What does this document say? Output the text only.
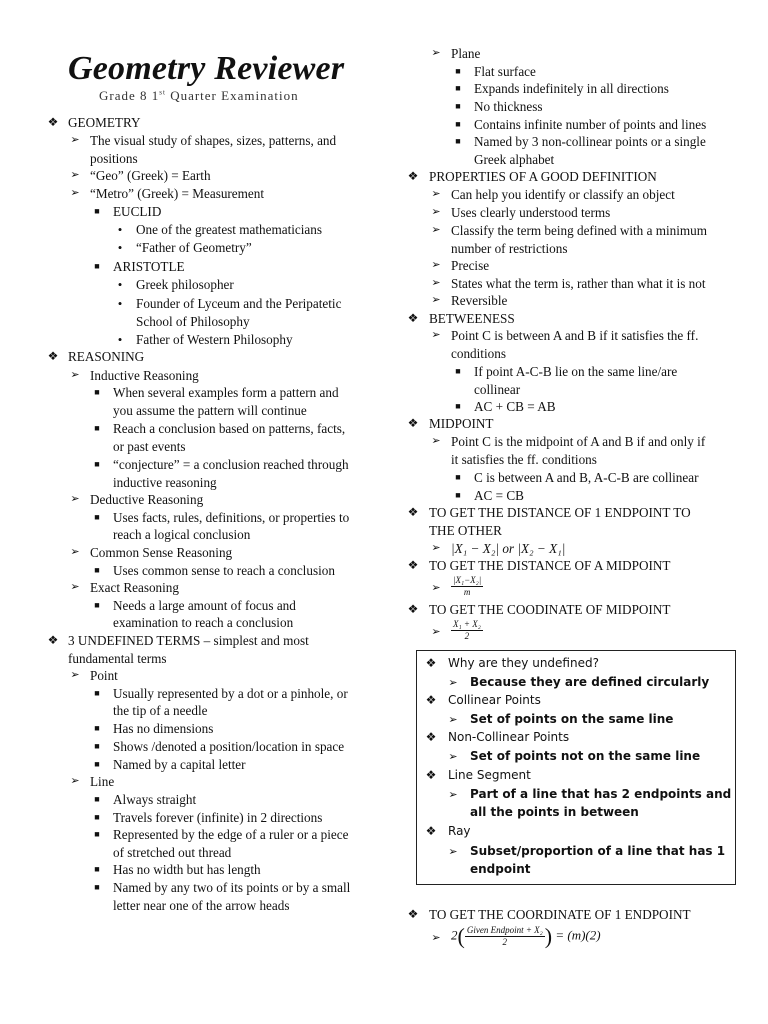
Geometry Reviewer
Grade 8 1st Quarter Examination
❖ GEOMETRY
➢ The visual study of shapes, sizes, patterns, and
positions
➢ “Geo” (Greek) = Earth
➢ “Metro” (Greek) = Measurement
■	EUCLID
•	One of the greatest mathematicians
•	“Father of Geometry”
■	ARISTOTLE
•	Greek philosopher
•	Founder of Lyceum and the Peripatetic
School of Philosophy
•	Father of Western Philosophy
❖ REASONING
➢ Inductive Reasoning
■	When several examples form a pattern and
you assume the pattern will continue
■	Reach a conclusion based on patterns, facts,
or past events
■	“conjecture” = a conclusion reached through
inductive reasoning
➢ Deductive Reasoning
■	Uses facts, rules, definitions, or properties to
reach a logical conclusion
➢ Common Sense Reasoning
■	Uses common sense to reach a conclusion
➢ Exact Reasoning
■	Needs a large amount of focus and
examination to reach a conclusion
❖ 3 UNDEFINED TERMS – simplest and most
fundamental terms
➢ Point
■	Usually represented by a dot or a pinhole, or
the tip of a needle
■	Has no dimensions
■	Shows /denoted a position/location in space
■	Named by a capital letter
➢ Line
■	Always straight
■	Travels forever (infinite) in 2 directions
■	Represented by the edge of a ruler or a piece
of stretched out thread
■	Has no width but has length
■	Named by any two of its points or by a small
letter near one of the arrow heads
➢ Plane
■	Flat surface
■	Expands indefinitely in all directions
■	No thickness
■	Contains infinite number of points and lines
■	Named by 3 non-collinear points or a single
Greek alphabet
❖ PROPERTIES OF A GOOD DEFINITION
➢ Can help you identify or classify an object
➢ Uses clearly understood terms
➢ Classify the term being defined with a minimum
number of restrictions
➢ Precise
➢ States what the term is, rather than what it is not
➢ Reversible
❖ BETWEENESS
➢ Point C is between A and B if it satisfies the ff.
conditions
■	If point A-C-B lie on the same line/are
collinear
■	AC + CB = AB
❖ MIDPOINT
➢ Point C is the midpoint of A and B if and only if
it satisfies the ff. conditions
■	C is between A and B, A-C-B are collinear
■	AC = CB
❖ TO GET THE DISTANCE OF 1 ENDPOINT TO
THE OTHER
➢ |X₁ − X₂| or |X₂ − X₁|
❖ TO GET THE DISTANCE OF A MIDPOINT
➢ $\frac{\text{|X₁−X₂|}}{m}$
❖ TO GET THE COODINATE OF MIDPOINT
➢ $\frac{\text{X₁ + X₂}}{2}$
❖ TO GET THE COORDINATE OF 1 ENDPOINT
➢ $2( \frac{\text{Given Endpoint + X₂}}{2}$ ) = (m)(2)
❖ Why are they undefined?
➢ Because they are defined circularly
❖ Collinear Points
➢ Set of points on the same line
❖ Non-Collinear Points
➢ Set of points not on the same line
❖ Line Segment
➢ Part of a line that has 2 endpoints and
all the points in between
❖ Ray
➢ Subset/proportion of a line that has 1
endpoint
